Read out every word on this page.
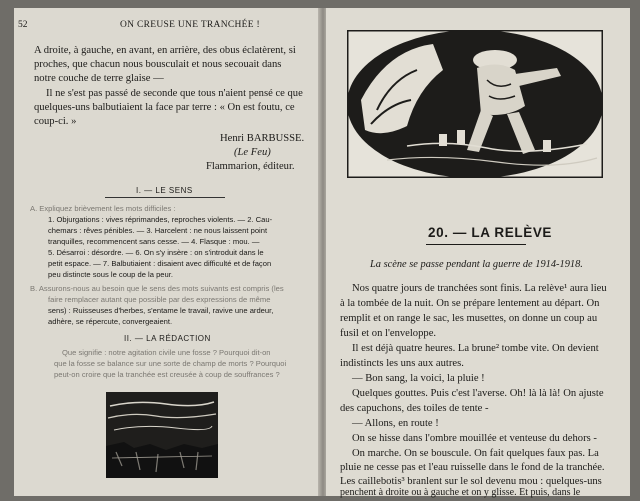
52	ON CREUSE UNE TRANCHÉE !
A droite, à gauche, en avant, en arrière, des obus éclatèrent, si
proches, que chacun nous bousculait et nous secouait dans
notre couche de terre glaise —
Il ne s'est pas passé de seconde que tous n'aient pensé ce que
quelques-uns balbutiaient la face par terre : « On est foutu, ce
coup-ci. »
Henri BARBUSSE.
(Le Feu)
Flammarion, éditeur.
I. — LE SENS
A. Expliquez brièvement les mots difficiles :
1. Objurgations : vives réprimandes, reproches violents. — 2. Cau-
chemars : rêves pénibles. — 3. Harcelent : ne nous laissent point
tranquilles, recommencent sans cesse. — 4. Flasque : mou. —
5. Désarroi : désordre. — 6. On s'y insère : on s'introduit dans le
petit espace. — 7. Balbutiaient : disaient avec difficulté et de façon
peu distincte sous le coup de la peur.
B. Assurons-nous au besoin que le sens des mots suivants est compris (les
faire remplacer autant que possible par des expressions de même
sens) : Ruisseuses d'herbes, s'entame le travail, ravive une ardeur,
adhère, se répercute, convergeaient.
II. — LA RÉDACTION
Que signifie : notre agitation civile une fosse ? Pourquoi dit-on
que la fosse se balance sur une sorte de champ de morts ? Pourquoi
peut-on croire que la tranchée est creusée à coup de souffrances ?
20. — LA RELÈVE
La scène se passe pendant la guerre de 1914-1918.
Nos quatre jours de tranchées sont finis. La relève¹ aura lieu
à la tombée de la nuit. On se prépare lentement au départ. On
remplit et on range le sac, les musettes, on donne un coup au
fusil et on l'enveloppe.
Il est déjà quatre heures. La brune² tombe vite. On devient
indistincts les uns aux autres.
— Bon sang, la voici, la pluie !
Quelques gouttes. Puis c'est l'averse. Oh! là là là! On ajuste
des capuchons, des toiles de tente -
— Allons, en route !
On se hisse dans l'ombre mouillée et venteuse du dehors -
On marche. On se bouscule. On fait quelques faux pas. La
pluie ne cesse pas et l'eau ruisselle dans le fond de la tranchée.
Les caillebotis³ branlent sur le sol devenu mou : quelques-uns
penchent à droite ou à gauche et on y glisse. Et puis, dans le
